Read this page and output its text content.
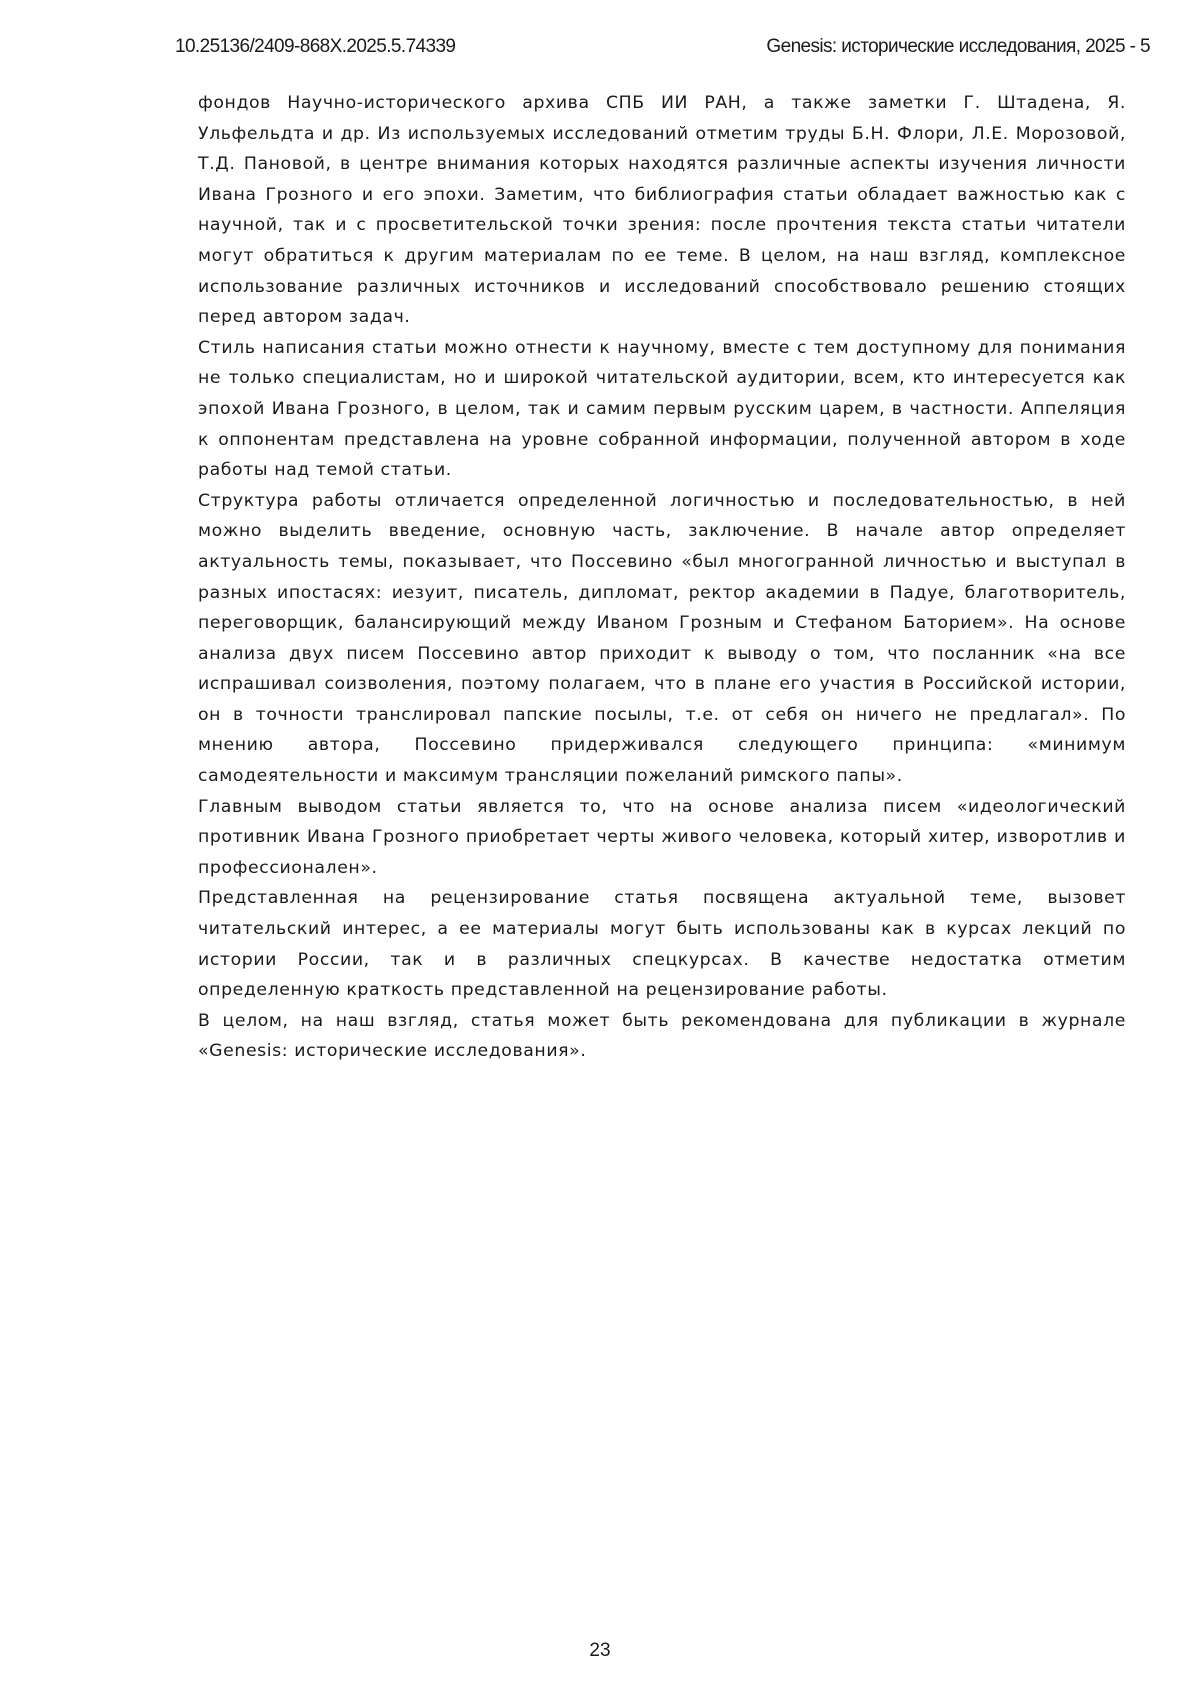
10.25136/2409-868X.2025.5.74339	Genesis: исторические исследования, 2025 - 5

фондов Научно-исторического архива СПБ ИИ РАН, а также заметки Г. Штадена, Я. Ульфельдта и др. Из используемых исследований отметим труды Б.Н. Флори, Л.Е. Морозовой, Т.Д. Пановой, в центре внимания которых находятся различные аспекты изучения личности Ивана Грозного и его эпохи. Заметим, что библиография статьи обладает важностью как с научной, так и с просветительской точки зрения: после прочтения текста статьи читатели могут обратиться к другим материалам по ее теме. В целом, на наш взгляд, комплексное использование различных источников и исследований способствовало решению стоящих перед автором задач.

Стиль написания статьи можно отнести к научному, вместе с тем доступному для понимания не только специалистам, но и широкой читательской аудитории, всем, кто интересуется как эпохой Ивана Грозного, в целом, так и самим первым русским царем, в частности. Аппеляция к оппонентам представлена на уровне собранной информации, полученной автором в ходе работы над темой статьи.

Структура работы отличается определенной логичностью и последовательностью, в ней можно выделить введение, основную часть, заключение. В начале автор определяет актуальность темы, показывает, что Поссевино «был многогранной личностью и выступал в разных ипостасях: иезуит, писатель, дипломат, ректор академии в Падуе, благотворитель, переговорщик, балансирующий между Иваном Грозным и Стефаном Баторием». На основе анализа двух писем Поссевино автор приходит к выводу о том, что посланник «на все испрашивал соизволения, поэтому полагаем, что в плане его участия в Российской истории, он в точности транслировал папские посылы, т.е. от себя он ничего не предлагал». По мнению автора, Поссевино придерживался следующего принципа: «минимум самодеятельности и максимум трансляции пожеланий римского папы».

Главным выводом статьи является то, что на основе анализа писем «идеологический противник Ивана Грозного приобретает черты живого человека, который хитер, изворотлив и профессионален».

Представленная на рецензирование статья посвящена актуальной теме, вызовет читательский интерес, а ее материалы могут быть использованы как в курсах лекций по истории России, так и в различных спецкурсах. В качестве недостатка отметим определенную краткость представленной на рецензирование работы.

В целом, на наш взгляд, статья может быть рекомендована для публикации в журнале «Genesis: исторические исследования».

23
